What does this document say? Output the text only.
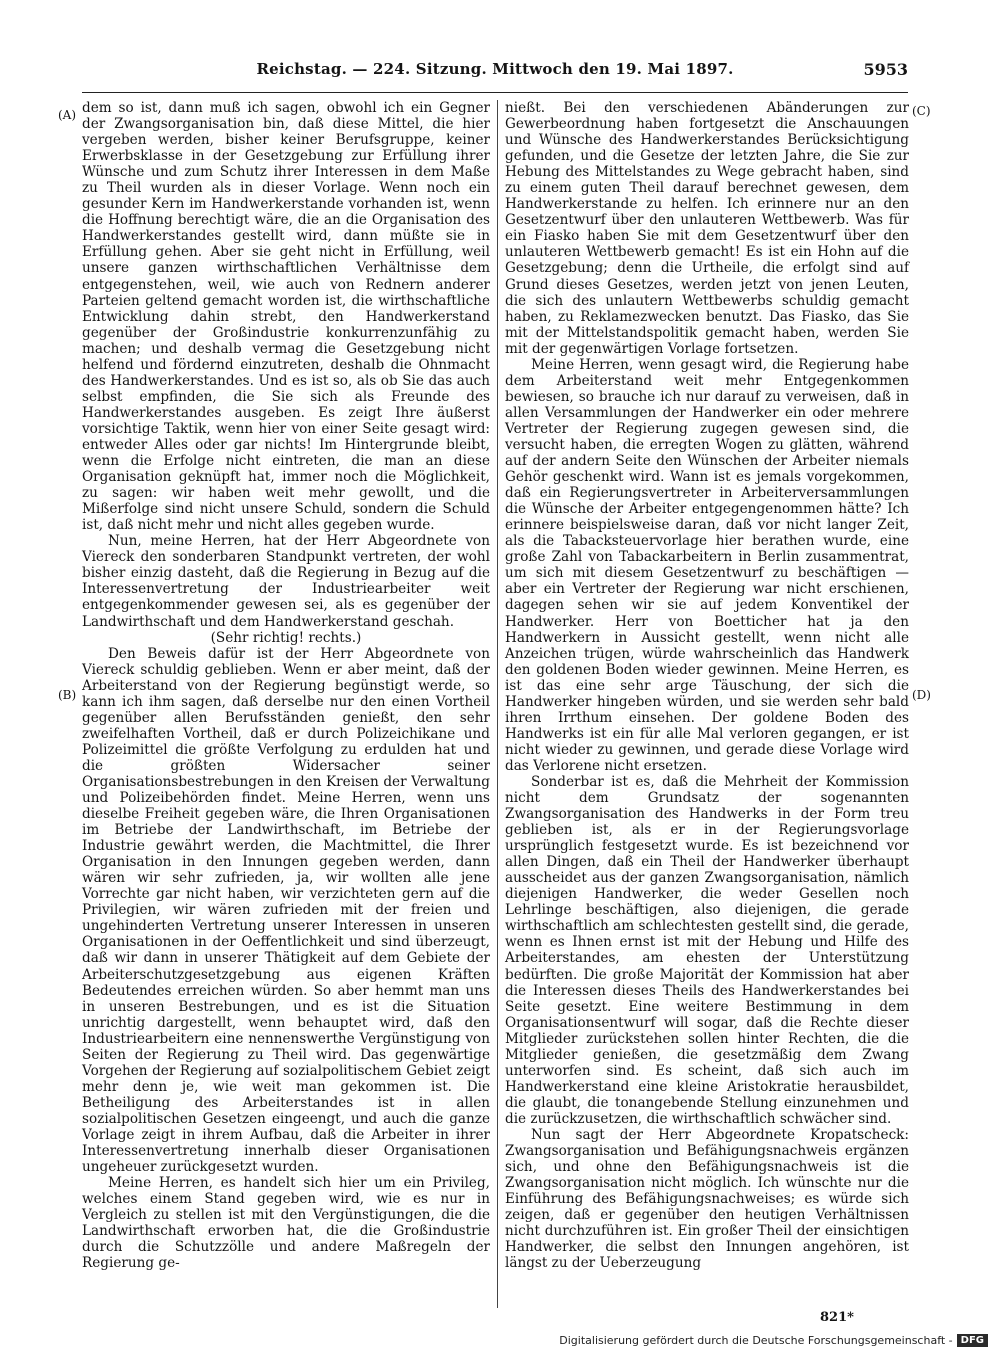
Reichstag. — 224. Sitzung. Mittwoch den 19. Mai 1897.	5953
(A)
(B)
(C)
(D)

dem so ist, dann muß ich sagen, obwohl ich ein Gegner der Zwangsorganisation bin, daß diese Mittel, die hier vergeben werden, bisher keiner Berufsgruppe, keiner Erwerbsklasse in der Gesetzgebung zur Erfüllung ihrer Wünsche und zum Schutz ihrer Interessen in dem Maße zu Theil wurden als in dieser Vorlage. Wenn noch ein gesunder Kern im Handwerkerstande vorhanden ist, wenn die Hoffnung berechtigt wäre, die an die Organisation des Handwerkerstandes gestellt wird, dann müßte sie in Erfüllung gehen. Aber sie geht nicht in Erfüllung, weil unsere ganzen wirthschaftlichen Verhältnisse dem entgegenstehen, weil, wie auch von Rednern anderer Parteien geltend gemacht worden ist, die wirthschaftliche Entwicklung dahin strebt, den Handwerkerstand gegenüber der Großindustrie konkurrenzunfähig zu machen; und deshalb vermag die Gesetzgebung nicht helfend und fördernd einzutreten, deshalb die Ohnmacht des Handwerkerstandes. Und es ist so, als ob Sie das auch selbst empfinden, die Sie sich als Freunde des Handwerkerstandes ausgeben. Es zeigt Ihre äußerst vorsichtige Taktik, wenn hier von einer Seite gesagt wird: entweder Alles oder gar nichts! Im Hintergrunde bleibt, wenn die Erfolge nicht eintreten, die man an diese Organisation geknüpft hat, immer noch die Möglichkeit, zu sagen: wir haben weit mehr gewollt, und die Mißerfolge sind nicht unsere Schuld, sondern die Schuld ist, daß nicht mehr und nicht alles gegeben wurde.

Nun, meine Herren, hat der Herr Abgeordnete von Viereck den sonderbaren Standpunkt vertreten, der wohl bisher einzig dasteht, daß die Regierung in Bezug auf die Interessenvertretung der Industriearbeiter weit entgegenkommender gewesen sei, als es gegenüber der Landwirthschaft und dem Handwerkerstand geschah.

(Sehr richtig! rechts.)

Den Beweis dafür ist der Herr Abgeordnete von Viereck schuldig geblieben. Wenn er aber meint, daß der Arbeiterstand von der Regierung begünstigt werde, so kann ich ihm sagen, daß derselbe nur den einen Vortheil gegenüber allen Berufsständen genießt, den sehr zweifelhaften Vortheil, daß er durch Polizeichikane und Polizeimittel die größte Verfolgung zu erdulden hat und die größten Widersacher seiner Organisationsbestrebungen in den Kreisen der Verwaltung und Polizeibehörden findet. Meine Herren, wenn uns dieselbe Freiheit gegeben wäre, die Ihren Organisationen im Betriebe der Landwirthschaft, im Betriebe der Industrie gewährt werden, die Machtmittel, die Ihrer Organisation in den Innungen gegeben werden, dann wären wir sehr zufrieden, ja, wir wollten alle jene Vorrechte gar nicht haben, wir verzichteten gern auf die Privilegien, wir wären zufrieden mit der freien und ungehinderten Vertretung unserer Interessen in unseren Organisationen in der Oeffentlichkeit und sind überzeugt, daß wir dann in unserer Thätigkeit auf dem Gebiete der Arbeiterschutzgesetzgebung aus eigenen Kräften Bedeutendes erreichen würden. So aber hemmt man uns in unseren Bestrebungen, und es ist die Situation unrichtig dargestellt, wenn behauptet wird, daß den Industriearbeitern eine nennenswerthe Vergünstigung von Seiten der Regierung zu Theil wird. Das gegenwärtige Vorgehen der Regierung auf sozialpolitischem Gebiet zeigt mehr denn je, wie weit man gekommen ist. Die Betheiligung des Arbeiterstandes ist in allen sozialpolitischen Gesetzen eingeengt, und auch die ganze Vorlage zeigt in ihrem Aufbau, daß die Arbeiter in ihrer Interessenvertretung innerhalb dieser Organisationen ungeheuer zurückgesetzt wurden.

Meine Herren, es handelt sich hier um ein Privileg, welches einem Stand gegeben wird, wie es nur in Vergleich zu stellen ist mit den Vergünstigungen, die die Landwirthschaft erworben hat, die die Großindustrie durch die Schutzzölle und andere Maßregeln der Regierung ge-

nießt. Bei den verschiedenen Abänderungen zur Gewerbeordnung haben fortgesetzt die Anschauungen und Wünsche des Handwerkerstandes Berücksichtigung gefunden, und die Gesetze der letzten Jahre, die Sie zur Hebung des Mittelstandes zu Wege gebracht haben, sind zu einem guten Theil darauf berechnet gewesen, dem Handwerkerstande zu helfen. Ich erinnere nur an den Gesetzentwurf über den unlauteren Wettbewerb. Was für ein Fiasko haben Sie mit dem Gesetzentwurf über den unlauteren Wettbewerb gemacht! Es ist ein Hohn auf die Gesetzgebung; denn die Urtheile, die erfolgt sind auf Grund dieses Gesetzes, werden jetzt von jenen Leuten, die sich des unlautern Wettbewerbs schuldig gemacht haben, zu Reklamezwecken benutzt. Das Fiasko, das Sie mit der Mittelstandspolitik gemacht haben, werden Sie mit der gegenwärtigen Vorlage fortsetzen.

Meine Herren, wenn gesagt wird, die Regierung habe dem Arbeiterstand weit mehr Entgegenkommen bewiesen, so brauche ich nur darauf zu verweisen, daß in allen Versammlungen der Handwerker ein oder mehrere Vertreter der Regierung zugegen gewesen sind, die versucht haben, die erregten Wogen zu glätten, während auf der andern Seite den Wünschen der Arbeiter niemals Gehör geschenkt wird. Wann ist es jemals vorgekommen, daß ein Regierungsvertreter in Arbeiterversammlungen die Wünsche der Arbeiter entgegengenommen hätte? Ich erinnere beispielsweise daran, daß vor nicht langer Zeit, als die Tabacksteuervorlage hier berathen wurde, eine große Zahl von Tabackarbeitern in Berlin zusammentrat, um sich mit diesem Gesetzentwurf zu beschäftigen — aber ein Vertreter der Regierung war nicht erschienen, dagegen sehen wir sie auf jedem Konventikel der Handwerker. Herr von Boetticher hat ja den Handwerkern in Aussicht gestellt, wenn nicht alle Anzeichen trügen, würde wahrscheinlich das Handwerk den goldenen Boden wieder gewinnen. Meine Herren, es ist das eine sehr arge Täuschung, der sich die Handwerker hingeben würden, und sie werden sehr bald ihren Irrthum einsehen. Der goldene Boden des Handwerks ist ein für alle Mal verloren gegangen, er ist nicht wieder zu gewinnen, und gerade diese Vorlage wird das Verlorene nicht ersetzen.

Sonderbar ist es, daß die Mehrheit der Kommission nicht dem Grundsatz der sogenannten Zwangsorganisation des Handwerks in der Form treu geblieben ist, als er in der Regierungsvorlage ursprünglich festgesetzt wurde. Es ist bezeichnend vor allen Dingen, daß ein Theil der Handwerker überhaupt ausscheidet aus der ganzen Zwangsorganisation, nämlich diejenigen Handwerker, die weder Gesellen noch Lehrlinge beschäftigen, also diejenigen, die gerade wirthschaftlich am schlechtesten gestellt sind, die gerade, wenn es Ihnen ernst ist mit der Hebung und Hilfe des Arbeiterstandes, am ehesten der Unterstützung bedürften. Die große Majorität der Kommission hat aber die Interessen dieses Theils des Handwerkerstandes bei Seite gesetzt. Eine weitere Bestimmung in dem Organisationsentwurf will sogar, daß die Rechte dieser Mitglieder zurückstehen sollen hinter Rechten, die die Mitglieder genießen, die gesetzmäßig dem Zwang unterworfen sind. Es scheint, daß sich auch im Handwerkerstand eine kleine Aristokratie herausbildet, die glaubt, die tonangebende Stellung einzunehmen und die zurückzusetzen, die wirthschaftlich schwächer sind.

Nun sagt der Herr Abgeordnete Kropatscheck: Zwangsorganisation und Befähigungsnachweis ergänzen sich, und ohne den Befähigungsnachweis ist die Zwangsorganisation nicht möglich. Ich wünschte nur die Einführung des Befähigungsnachweises; es würde sich zeigen, daß er gegenüber den heutigen Verhältnissen nicht durchzuführen ist. Ein großer Theil der einsichtigen Handwerker, die selbst den Innungen angehören, ist längst zu der Ueberzeugung

821*
Digitalisierung gefördert durch die Deutsche Forschungsgemeinschaft - DFG
